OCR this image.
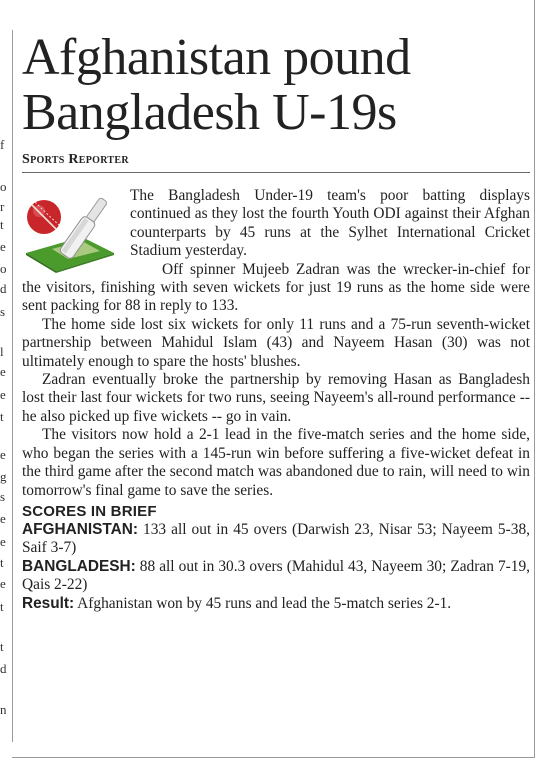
f
o
r
t
e
o
d
s
l
e
e
t
e
g
s
e
e
t
e
t
t
d
n
Afghanistan pound Bangladesh U-19s
Sports Reporter

The Bangladesh Under-19 team's poor batting displays continued as they lost the fourth Youth ODI against their Afghan counterparts by 45 runs at the Sylhet International Cricket Stadium yesterday.

Off spinner Mujeeb Zadran was the wrecker-in-chief for the visitors, finishing with seven wickets for just 19 runs as the home side were sent packing for 88 in reply to 133.

The home side lost six wickets for only 11 runs and a 75-run seventh-wicket partnership between Mahidul Islam (43) and Nayeem Hasan (30) was not ultimately enough to spare the hosts' blushes.

Zadran eventually broke the partnership by removing Hasan as Bangladesh lost their last four wickets for two runs, seeing Nayeem's all-round performance -- he also picked up five wickets -- go in vain.

The visitors now hold a 2-1 lead in the five-match series and the home side, who began the series with a 145-run win before suffering a five-wicket defeat in the third game after the second match was abandoned due to rain, will need to win tomorrow's final game to save the series.

SCORES IN BRIEF
AFGHANISTAN: 133 all out in 45 overs (Darwish 23, Nisar 53; Nayeem 5-38, Saif 3-7)
BANGLADESH: 88 all out in 30.3 overs (Mahidul 43, Nayeem 30; Zadran 7-19, Qais 2-22)
Result: Afghanistan won by 45 runs and lead the 5-match series 2-1.
